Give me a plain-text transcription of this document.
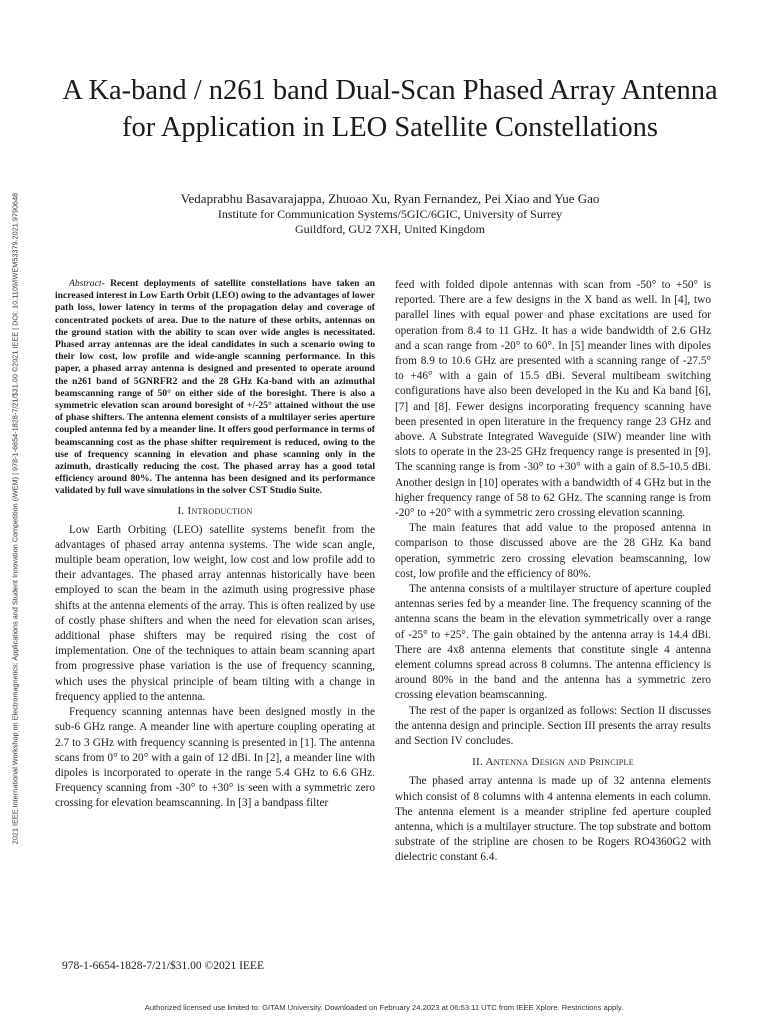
2021 IEEE International Workshop on Electromagnetics: Applications and Student Innovation Competition (iWEM) | 978-1-6654-1828-7/21/$31.00 ©2021 IEEE | DOI: 10.1109/iWEM53379.2021.9790648
A Ka-band / n261 band Dual-Scan Phased Array Antenna for Application in LEO Satellite Constellations
Vedaprabhu Basavarajappa, Zhuoao Xu, Ryan Fernandez, Pei Xiao and Yue Gao
Institute for Communication Systems/5GIC/6GIC, University of Surrey
Guildford, GU2 7XH, United Kingdom

Abstract- Recent deployments of satellite constellations have taken an increased interest in Low Earth Orbit (LEO) owing to the advantages of lower path loss, lower latency in terms of the propagation delay and coverage of concentrated pockets of area. Due to the nature of these orbits, antennas on the ground station with the ability to scan over wide angles is necessitated. Phased array antennas are the ideal candidates in such a scenario owing to their low cost, low profile and wide-angle scanning performance. In this paper, a phased array antenna is designed and presented to operate around the n261 band of 5GNRFR2 and the 28 GHz Ka-band with an azimuthal beamscanning range of 50° on either side of the boresight. There is also a symmetric elevation scan around boresight of +/-25° attained without the use of phase shifters. The antenna element consists of a multilayer series aperture coupled antenna fed by a meander line. It offers good performance in terms of beamscanning cost as the phase shifter requirement is reduced, owing to the use of frequency scanning in elevation and phase scanning only in the azimuth, drastically reducing the cost. The phased array has a good total efficiency around 80%. The antenna has been designed and its performance validated by full wave simulations in the solver CST Studio Suite.

I. Introduction

Low Earth Orbiting (LEO) satellite systems benefit from the advantages of phased array antenna systems. The wide scan angle, multiple beam operation, low weight, low cost and low profile add to their advantages. The phased array antennas historically have been employed to scan the beam in the azimuth using progressive phase shifts at the antenna elements of the array. This is often realized by use of costly phase shifters and when the need for elevation scan arises, additional phase shifters may be required rising the cost of implementation. One of the techniques to attain beam scanning apart from progressive phase variation is the use of frequency scanning, which uses the physical principle of beam tilting with a change in frequency applied to the antenna.

Frequency scanning antennas have been designed mostly in the sub-6 GHz range. A meander line with aperture coupling operating at 2.7 to 3 GHz with frequency scanning is presented in [1]. The antenna scans from 0° to 20° with a gain of 12 dBi. In [2], a meander line with dipoles is incorporated to operate in the range 5.4 GHz to 6.6 GHz. Frequency scanning from -30° to +30° is seen with a symmetric zero crossing for elevation beamscanning. In [3] a bandpass filter

feed with folded dipole antennas with scan from -50° to +50° is reported. There are a few designs in the X band as well. In [4], two parallel lines with equal power and phase excitations are used for operation from 8.4 to 11 GHz. It has a wide bandwidth of 2.6 GHz and a scan range from -20° to 60°. In [5] meander lines with dipoles from 8.9 to 10.6 GHz are presented with a scanning range of -27.5° to +46° with a gain of 15.5 dBi. Several multibeam switching configurations have also been developed in the Ku and Ka band [6], [7] and [8]. Fewer designs incorporating frequency scanning have been presented in open literature in the frequency range 23 GHz and above. A Substrate Integrated Waveguide (SIW) meander line with slots to operate in the 23-25 GHz frequency range is presented in [9]. The scanning range is from -30° to +30° with a gain of 8.5-10.5 dBi. Another design in [10] operates with a bandwidth of 4 GHz but in the higher frequency range of 58 to 62 GHz. The scanning range is from -20° to +20° with a symmetric zero crossing elevation scanning.

The main features that add value to the proposed antenna in comparison to those discussed above are the 28 GHz Ka band operation, symmetric zero crossing elevation beamscanning, low cost, low profile and the efficiency of 80%.

The antenna consists of a multilayer structure of aperture coupled antennas series fed by a meander line. The frequency scanning of the antenna scans the beam in the elevation symmetrically over a range of -25° to +25°. The gain obtained by the antenna array is 14.4 dBi. There are 4x8 antenna elements that constitute single 4 antenna element columns spread across 8 columns. The antenna efficiency is around 80% in the band and the antenna has a symmetric zero crossing elevation beamscanning.

The rest of the paper is organized as follows: Section II discusses the antenna design and principle. Section III presents the array results and Section IV concludes.

II. Antenna Design and Principle

The phased array antenna is made up of 32 antenna elements which consist of 8 columns with 4 antenna elements in each column. The antenna element is a meander stripline fed aperture coupled antenna, which is a multilayer structure. The top substrate and bottom substrate of the stripline are chosen to be Rogers RO4360G2 with dielectric constant 6.4.

978-1-6654-1828-7/21/$31.00 ©2021 IEEE
Authorized licensed use limited to: GITAM University. Downloaded on February 24,2023 at 06:53:11 UTC from IEEE Xplore. Restrictions apply.
